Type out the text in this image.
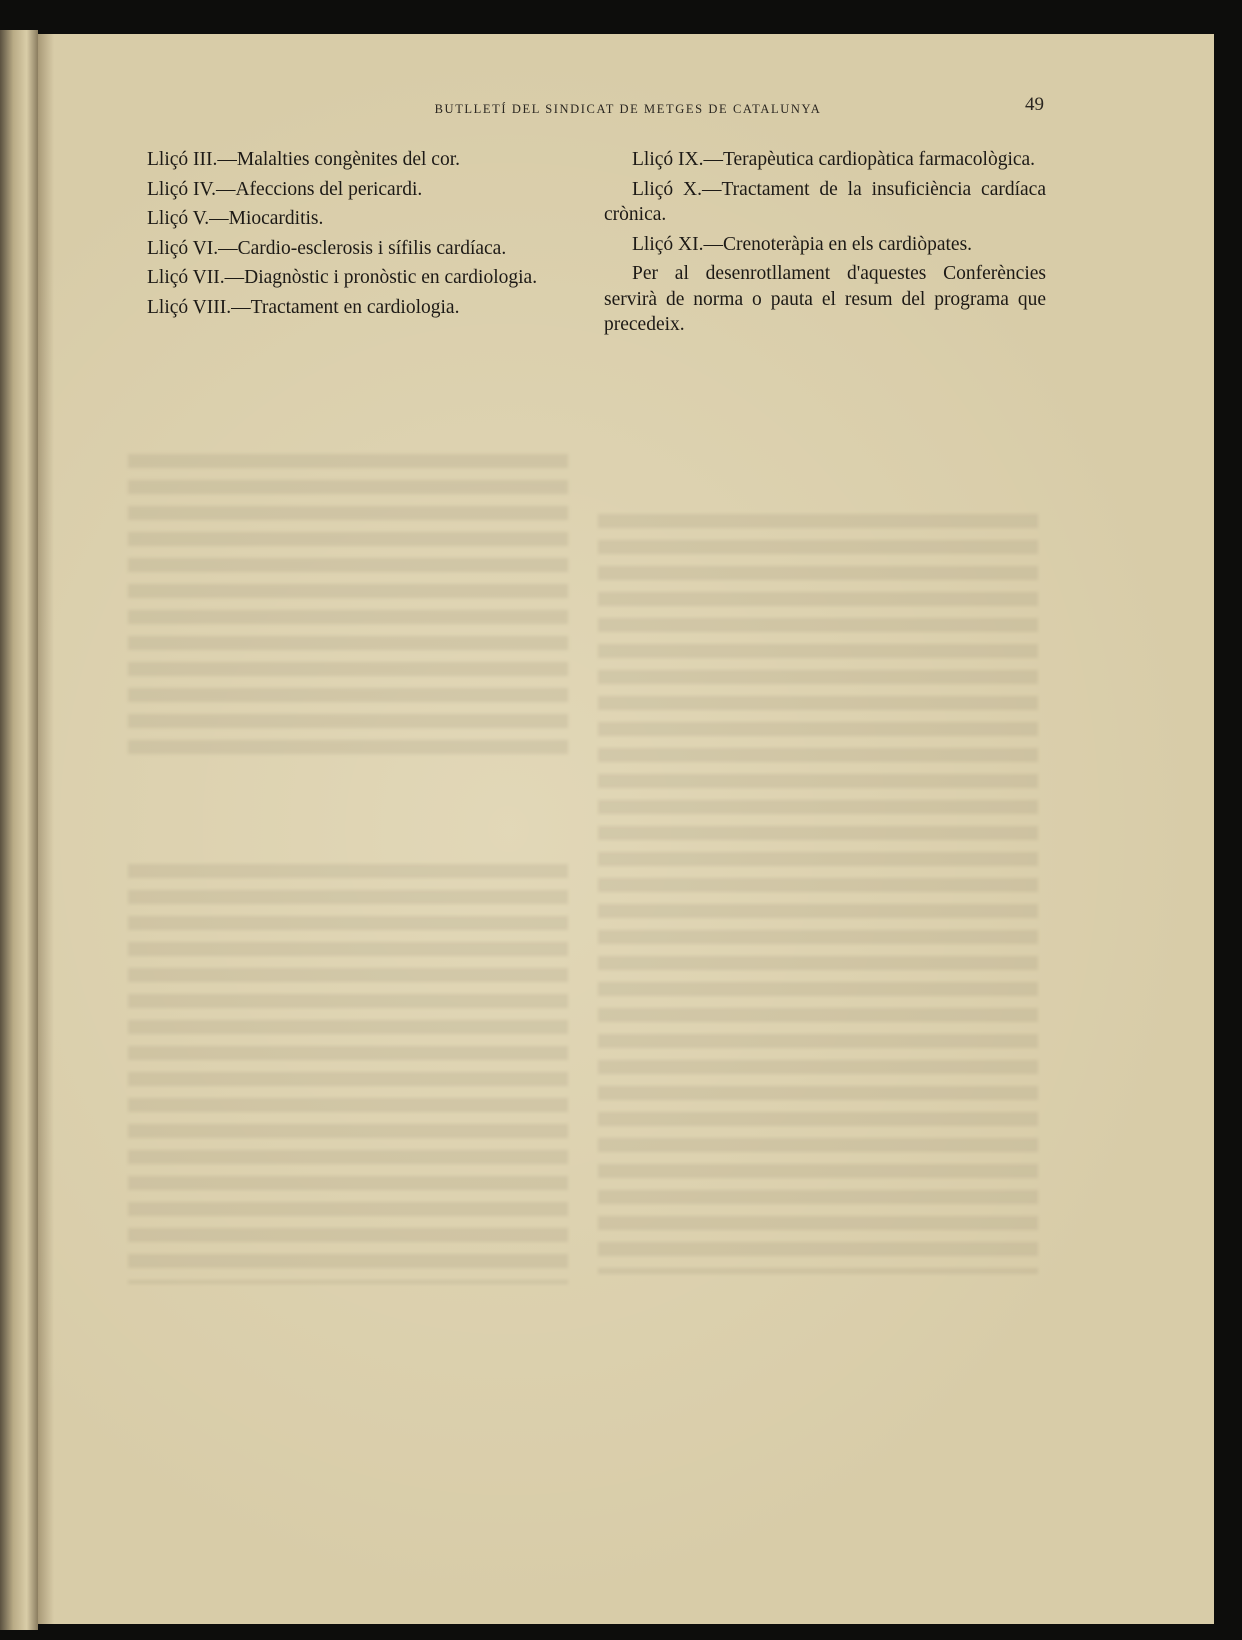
BUTLLETÍ DEL SINDICAT DE METGES DE CATALUNYA	49

Lliçó III.—Malalties congènites del cor.

Lliçó IV.—Afeccions del pericardi.

Lliçó V.—Miocarditis.

Lliçó VI.—Cardio-esclerosis i sífilis cardíaca.

Lliçó VII.—Diagnòstic i pronòstic en cardiologia.

Lliçó VIII.—Tractament en cardiologia.

Lliçó IX.—Terapèutica cardiopàtica farmacològica.

Lliçó X.—Tractament de la insuficiència cardíaca crònica.

Lliçó XI.—Crenoteràpia en els cardiòpates.

Per al desenrotllament d'aquestes Conferències servirà de norma o pauta el resum del programa que precedeix.
